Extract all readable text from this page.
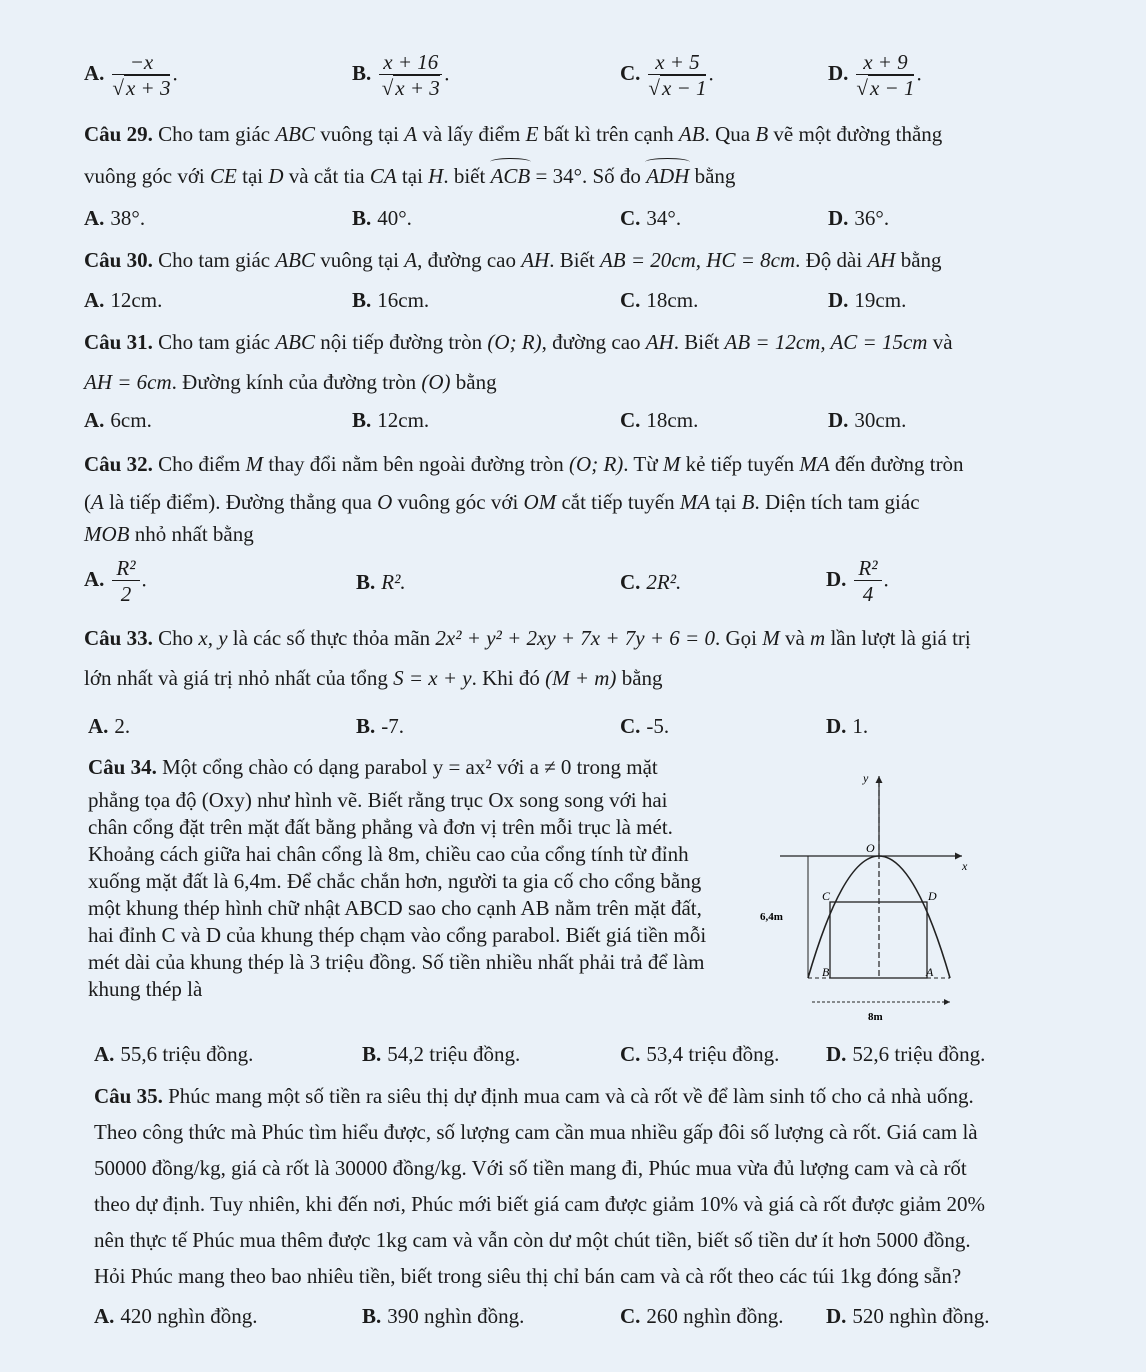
A. $\frac{-x}{√x + 3}$ .	B. $\frac{x + 16}{√x + 3}$ .	C. $\frac{x + 5}{√x - 1}$ .	D. $\frac{x + 9}{√x - 1}$ .
Câu 29. Cho tam giác ABC vuông tại A và lấy điểm E bất kì trên cạnh AB. Qua B vẽ một đường thẳng
vuông góc với CE tại D và cắt tia CA tại H. biết ACB = 34°. Số đo ADH bằng
A. 38°.	B. 40°.	C. 34°.	D. 36°.
Câu 30. Cho tam giác ABC vuông tại A, đường cao AH. Biết AB = 20cm, HC = 8cm. Độ dài AH bằng
A. 12cm.	B. 16cm.	C. 18cm.	D. 19cm.
Câu 31. Cho tam giác ABC nội tiếp đường tròn (O; R), đường cao AH. Biết AB = 12cm, AC = 15cm và
AH = 6cm. Đường kính của đường tròn (O) bằng
A. 6cm.	B. 12cm.	C. 18cm.	D. 30cm.
Câu 32. Cho điểm M thay đổi nằm bên ngoài đường tròn (O; R). Từ M kẻ tiếp tuyến MA đến đường tròn
(A là tiếp điểm). Đường thẳng qua O vuông góc với OM cắt tiếp tuyến MA tại B. Diện tích tam giác
MOB nhỏ nhất bằng
A. $\frac{\text{R²}}{2}$ .	B. R².	C. 2R².	D. $\frac{\text{R²}}{4}$ .
Câu 33. Cho x, y là các số thực thỏa mãn 2x² + y² + 2xy + 7x + 7y + 6 = 0. Gọi M và m lần lượt là giá trị
lớn nhất và giá trị nhỏ nhất của tổng S = x + y. Khi đó (M + m) bằng
A. 2.	B. -7.	C. -5.	D. 1.
Câu 34. Một cổng chào có dạng parabol y = ax² với a ≠ 0 trong mặt
phẳng tọa độ (Oxy) như hình vẽ. Biết rằng trục Ox song song với hai
chân cổng đặt trên mặt đất bằng phẳng và đơn vị trên mỗi trục là mét.
Khoảng cách giữa hai chân cổng là 8m, chiều cao của cổng tính từ đỉnh
xuống mặt đất là 6,4m. Để chắc chắn hơn, người ta gia cố cho cổng bằng
một khung thép hình chữ nhật ABCD sao cho cạnh AB nằm trên mặt đất,
hai đỉnh C và D của khung thép chạm vào cổng parabol. Biết giá tiền mỗi
mét dài của khung thép là 3 triệu đồng. Số tiền nhiều nhất phải trả để làm
khung thép là
y
x
O
C	D
B	A
6,4m
8m
A. 55,6 triệu đồng.	B. 54,2 triệu đồng.	C. 53,4 triệu đồng. D. 52,6 triệu đồng.
Câu 35. Phúc mang một số tiền ra siêu thị dự định mua cam và cà rốt về để làm sinh tố cho cả nhà uống.
Theo công thức mà Phúc tìm hiểu được, số lượng cam cần mua nhiều gấp đôi số lượng cà rốt. Giá cam là
50000 đồng/kg, giá cà rốt là 30000 đồng/kg. Với số tiền mang đi, Phúc mua vừa đủ lượng cam và cà rốt
theo dự định. Tuy nhiên, khi đến nơi, Phúc mới biết giá cam được giảm 10% và giá cà rốt được giảm 20%
nên thực tế Phúc mua thêm được 1kg cam và vẫn còn dư một chút tiền, biết số tiền dư ít hơn 5000 đồng.
Hỏi Phúc mang theo bao nhiêu tiền, biết trong siêu thị chỉ bán cam và cà rốt theo các túi 1kg đóng sẵn?
A. 420 nghìn đồng.	B. 390 nghìn đồng.	C. 260 nghìn đồng. D. 520 nghìn đồng.
